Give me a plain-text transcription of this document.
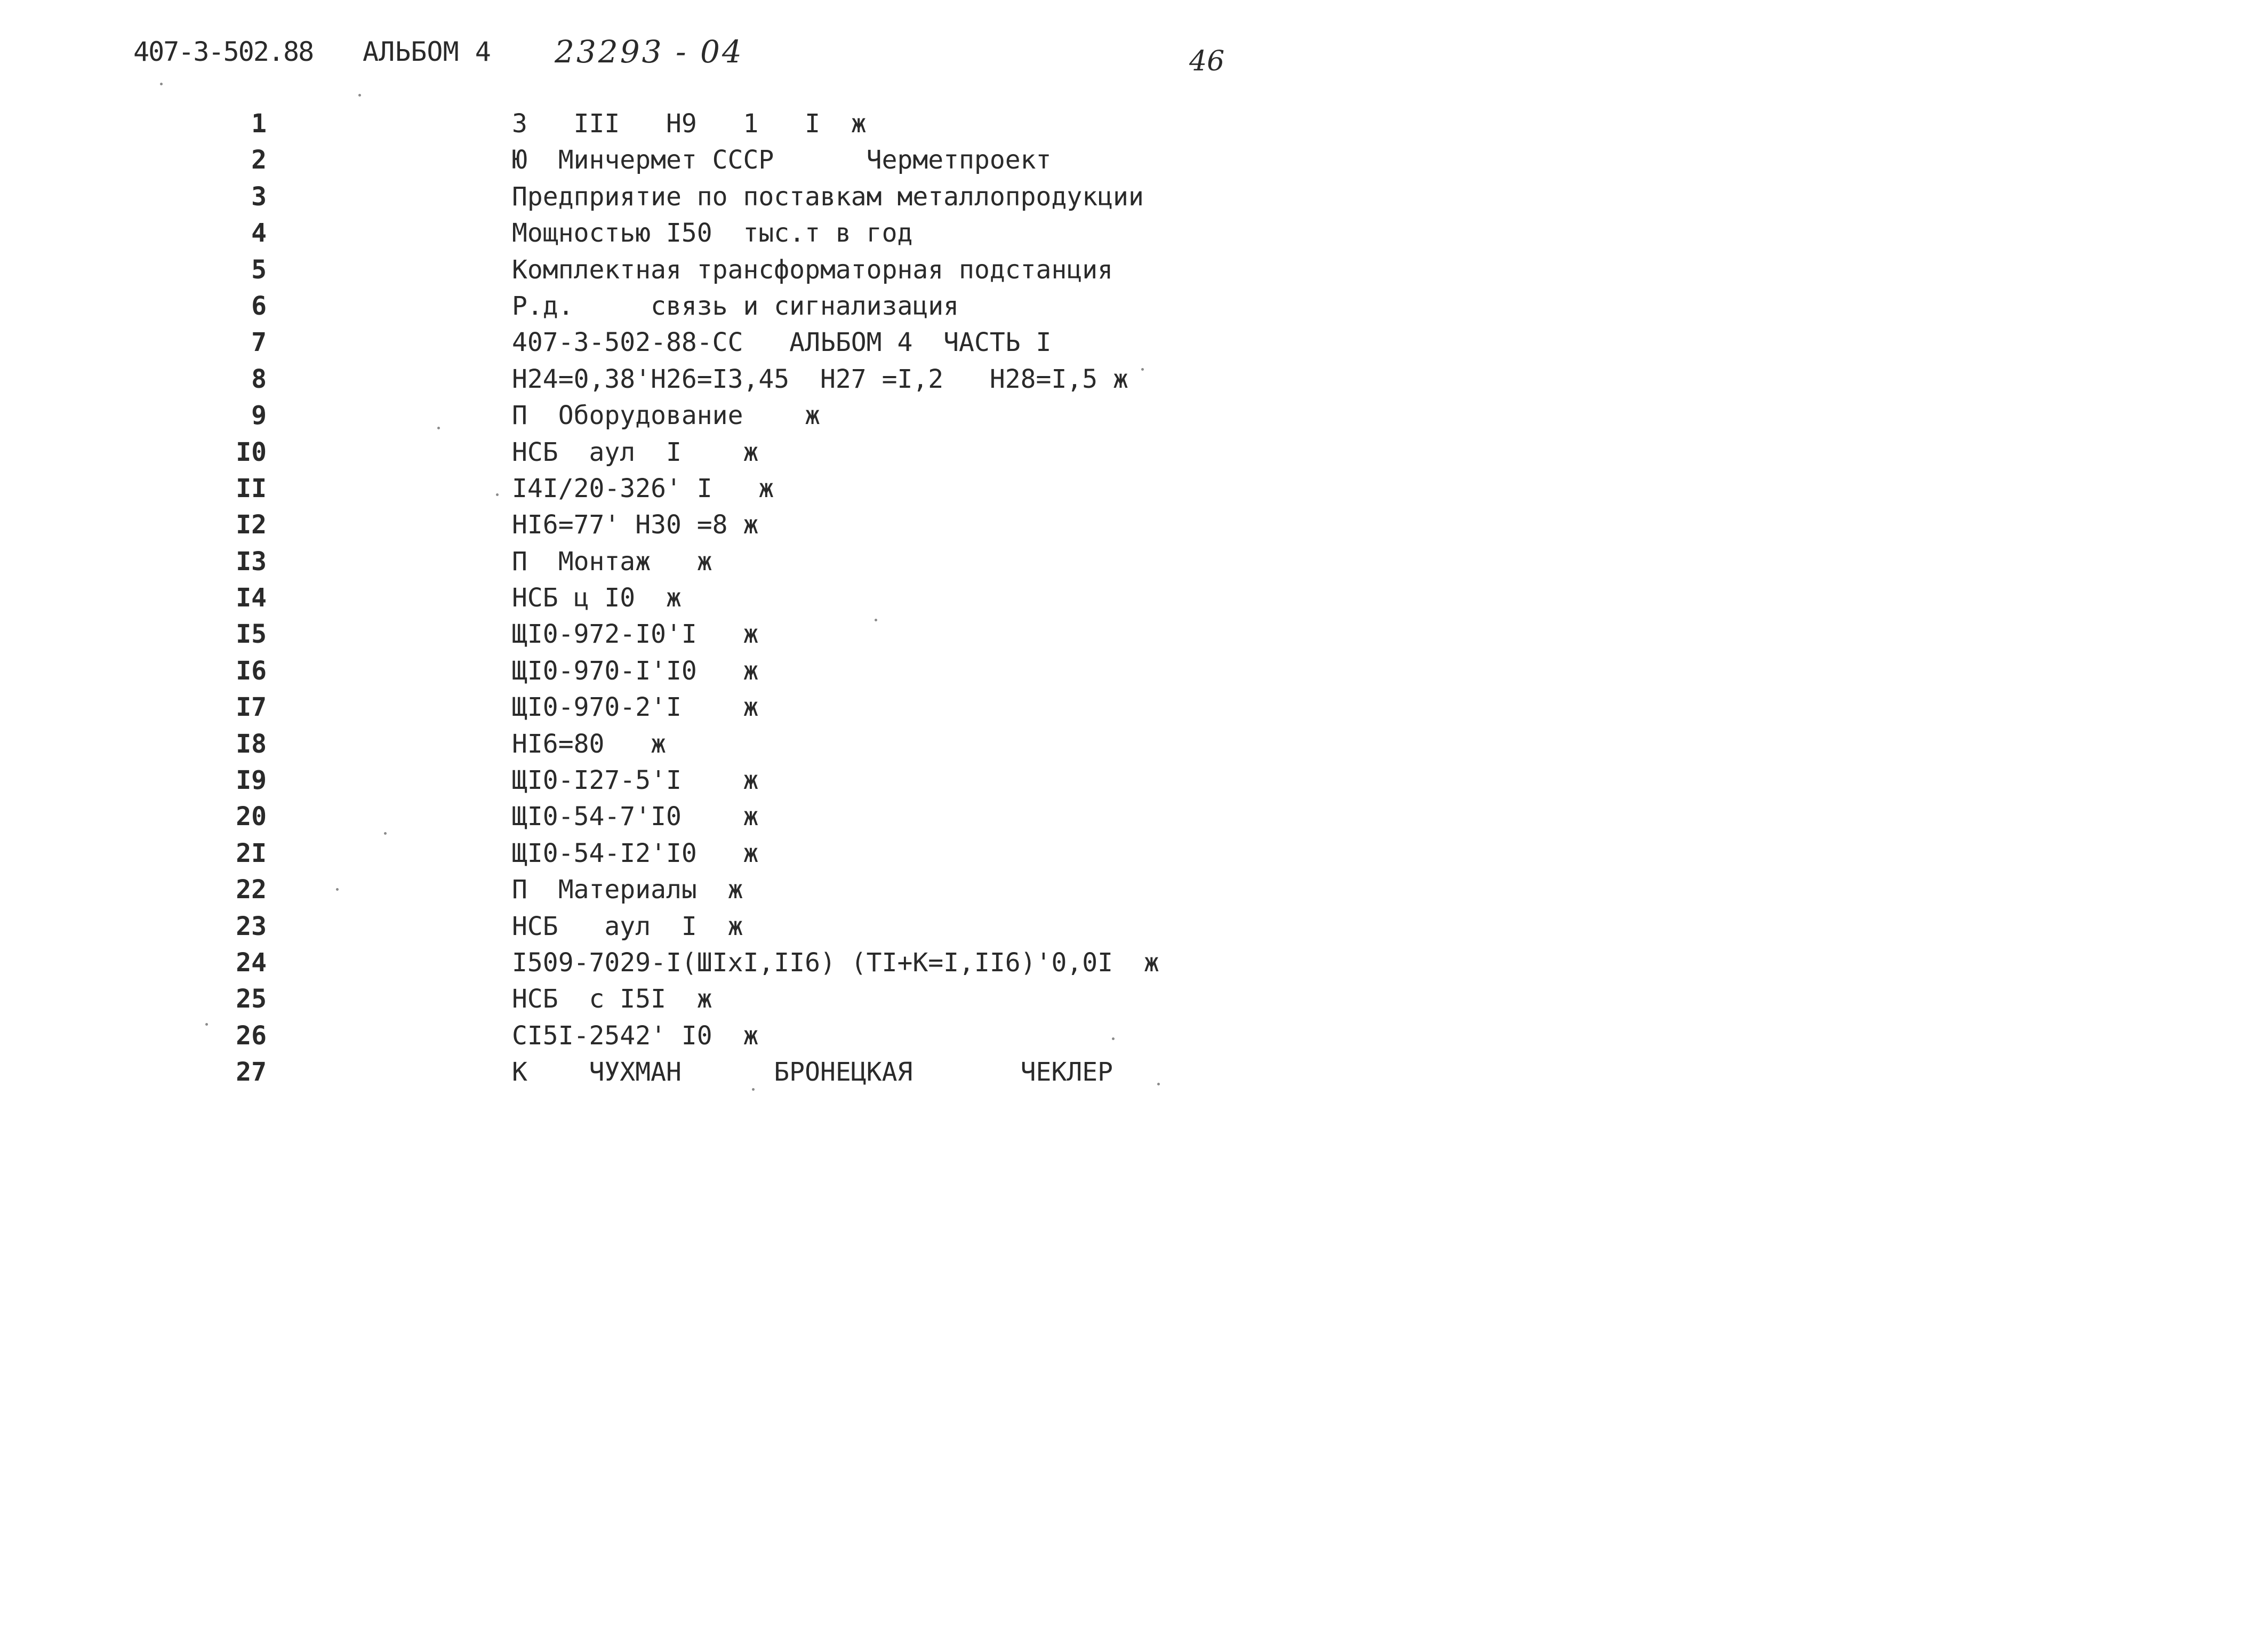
407-3-502.88 АЛЬБОМ 4 23293 - 04	46
1	3   III   Н9   1   I  ж
2	Ю  Минчермет СССР      Черметпроект
3	Предприятие по поставкам металлопродукции
4	Мощностью I50  тыс.т в год
5	Комплектная трансформаторная подстанция
6	Р.д.     связь и сигнализация
7	407-3-502-88-СС   АЛЬБОМ 4  ЧАСТЬ I
8	Н24=0,38'Н26=I3,45  Н27 =I,2   Н28=I,5 ж
9	П  Оборудование    ж
I0	НСБ  аул  I    ж
II	I4I/20-326' I   ж
I2	НI6=77' Н30 =8 ж
I3	П  Монтаж   ж
I4	НСБ ц I0  ж
I5	ЩI0-972-I0'I   ж
I6	ЩI0-970-I'I0   ж
I7	ЩI0-970-2'I    ж
I8	НI6=80   ж
I9	ЩI0-I27-5'I    ж
20	ЩI0-54-7'I0    ж
2I	ЩI0-54-I2'I0   ж
22	П  Материалы  ж
23	НСБ   аул  I  ж
24	I509-7029-I(ШIхI,II6) (ТI+К=I,II6)'0,0I  ж
25	НСБ  с I5I  ж
26	СI5I-2542' I0  ж
27	К    ЧУХМАН      БРОНЕЦКАЯ       ЧЕКЛЕР
